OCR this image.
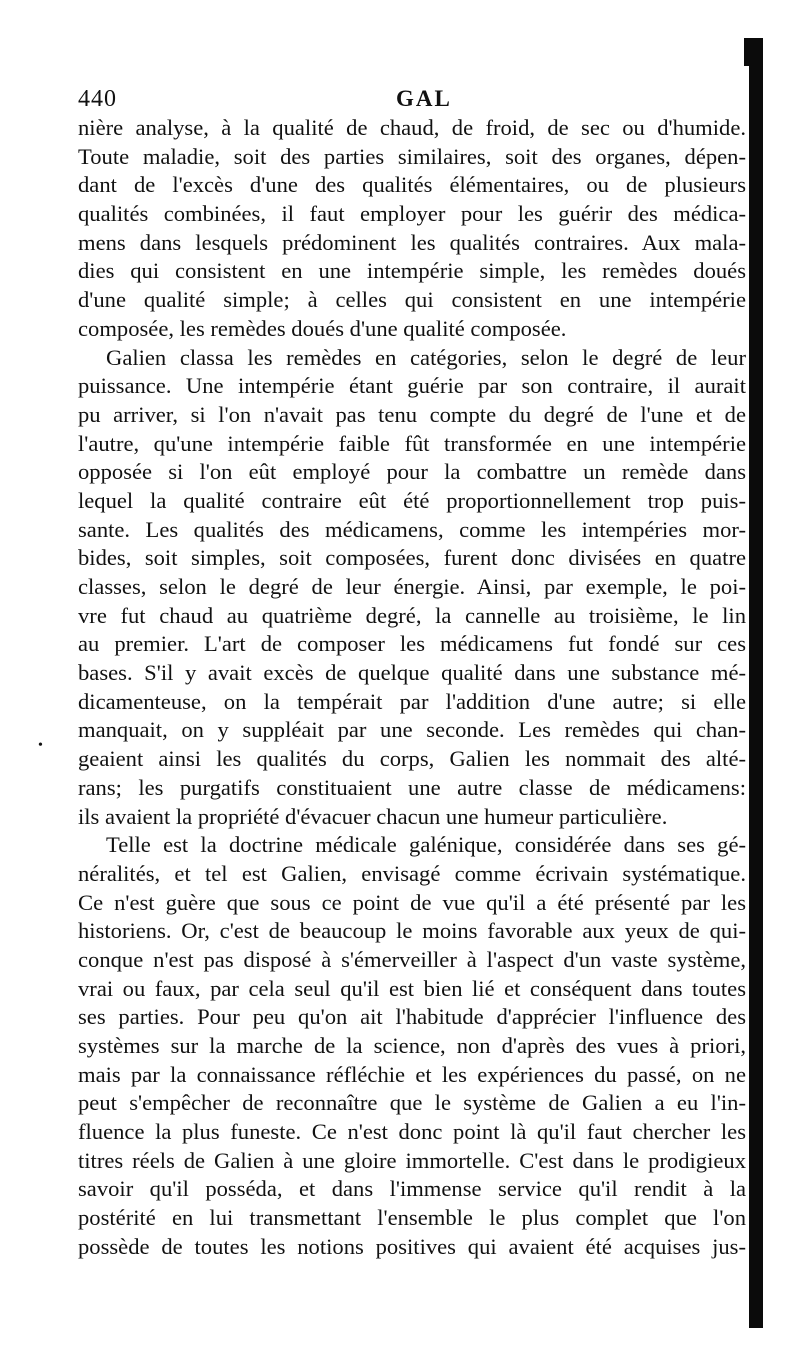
440	GAL
•
nière analyse, à la qualité de chaud, de froid, de sec ou d'humide.
Toute maladie, soit des parties similaires, soit des organes, dépen-
dant de l'excès d'une des qualités élémentaires, ou de plusieurs
qualités combinées, il faut employer pour les guérir des médica-
mens dans lesquels prédominent les qualités contraires. Aux mala-
dies qui consistent en une intempérie simple, les remèdes doués
d'une qualité simple; à celles qui consistent en une intempérie
composée, les remèdes doués d'une qualité composée.
Galien classa les remèdes en catégories, selon le degré de leur
puissance. Une intempérie étant guérie par son contraire, il aurait
pu arriver, si l'on n'avait pas tenu compte du degré de l'une et de
l'autre, qu'une intempérie faible fût transformée en une intempérie
opposée si l'on eût employé pour la combattre un remède dans
lequel la qualité contraire eût été proportionnellement trop puis-
sante. Les qualités des médicamens, comme les intempéries mor-
bides, soit simples, soit composées, furent donc divisées en quatre
classes, selon le degré de leur énergie. Ainsi, par exemple, le poi-
vre fut chaud au quatrième degré, la cannelle au troisième, le lin
au premier. L'art de composer les médicamens fut fondé sur ces
bases. S'il y avait excès de quelque qualité dans une substance mé-
dicamenteuse, on la tempérait par l'addition d'une autre; si elle
manquait, on y suppléait par une seconde. Les remèdes qui chan-
geaient ainsi les qualités du corps, Galien les nommait des alté-
rans; les purgatifs constituaient une autre classe de médicamens:
ils avaient la propriété d'évacuer chacun une humeur particulière.
Telle est la doctrine médicale galénique, considérée dans ses gé-
néralités, et tel est Galien, envisagé comme écrivain systématique.
Ce n'est guère que sous ce point de vue qu'il a été présenté par les
historiens. Or, c'est de beaucoup le moins favorable aux yeux de qui-
conque n'est pas disposé à s'émerveiller à l'aspect d'un vaste système,
vrai ou faux, par cela seul qu'il est bien lié et conséquent dans toutes
ses parties. Pour peu qu'on ait l'habitude d'apprécier l'influence des
systèmes sur la marche de la science, non d'après des vues à priori,
mais par la connaissance réfléchie et les expériences du passé, on ne
peut s'empêcher de reconnaître que le système de Galien a eu l'in-
fluence la plus funeste. Ce n'est donc point là qu'il faut chercher les
titres réels de Galien à une gloire immortelle. C'est dans le prodigieux
savoir qu'il posséda, et dans l'immense service qu'il rendit à la
postérité en lui transmettant l'ensemble le plus complet que l'on
possède de toutes les notions positives qui avaient été acquises jus-
